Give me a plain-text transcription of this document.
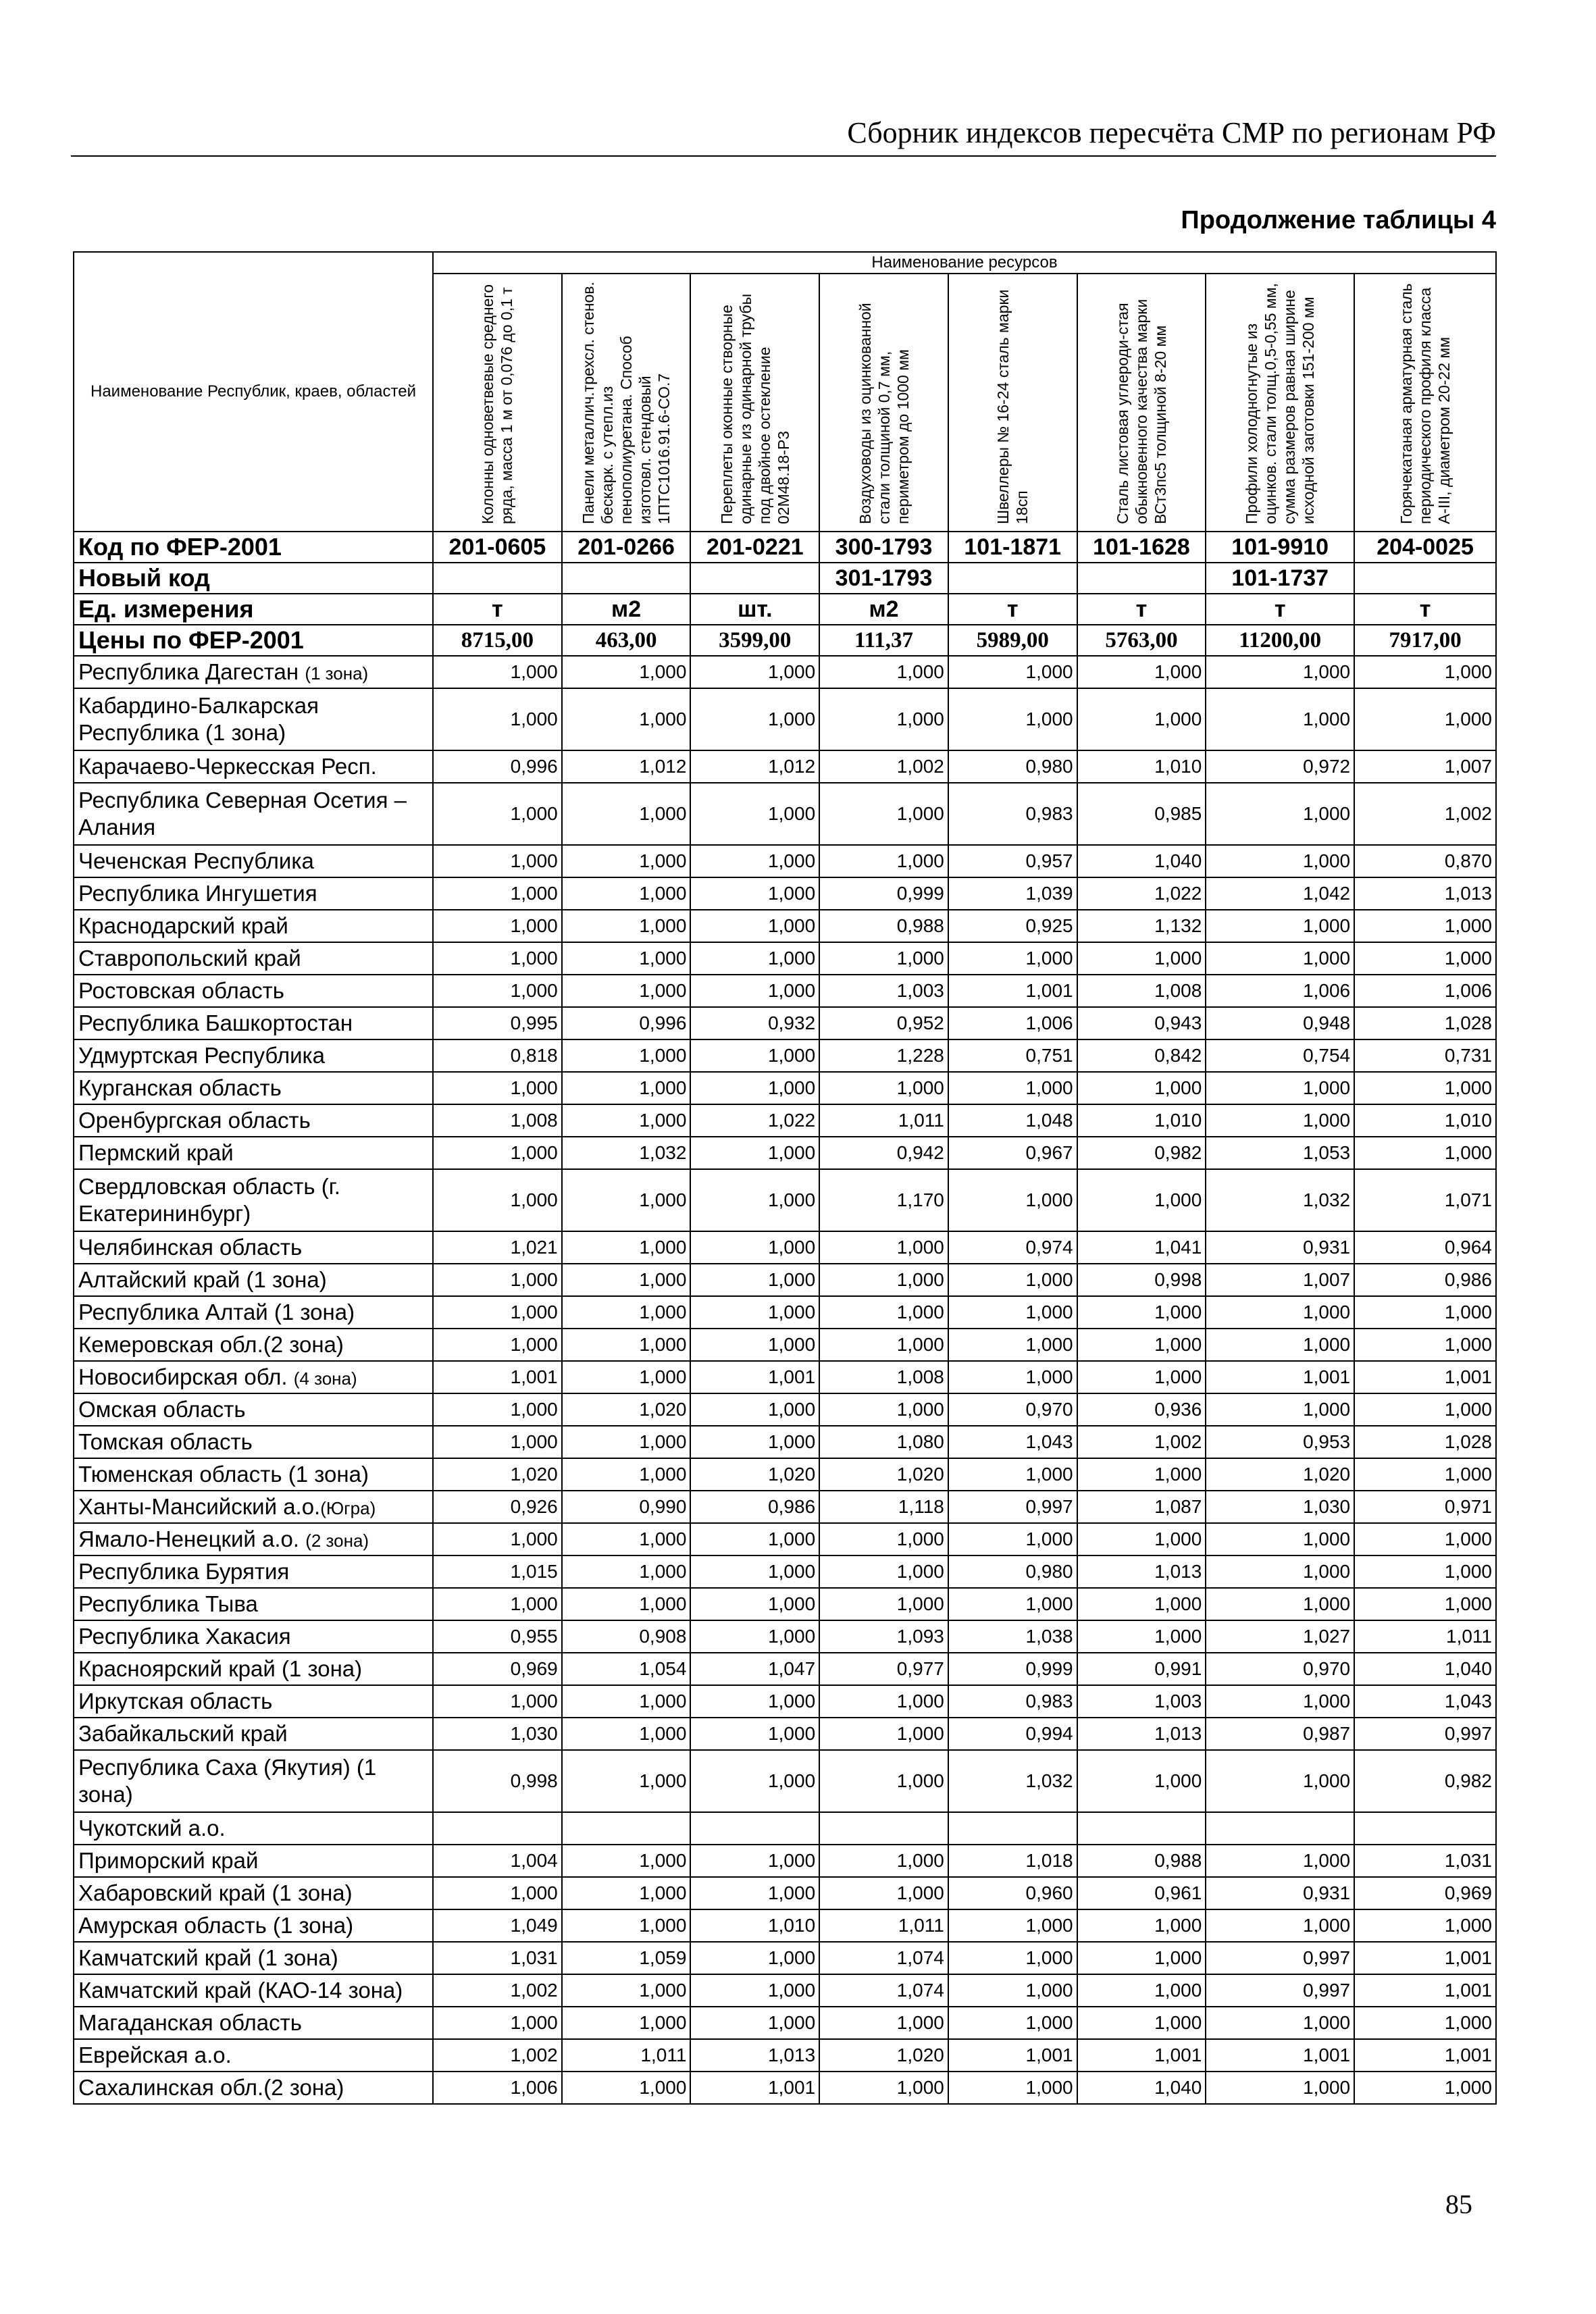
Сборник индексов пересчёта СМР по регионам РФ
Продолжение таблицы 4
Наименование Республик, краев, областей	Наименование ресурсов							

	Колонны одноветвевые среднего ряда, масса 1 м от 0,076 до 0,1 т	Панели металлич.трехсл. стенов. бескарк. с утепл.из пенополиуретана. Способ изготовл. стендовый 1ПТС1016.91.6-СО.7	Переплеты оконные створные одинарные из одинарной трубы под двойное остекление 02М48.18-Р3	Воздуховоды из оцинкованной стали толщиной 0,7 мм, периметром до 1000 мм	Швеллеры № 16-24 сталь марки 18сп	Сталь листовая углероди-стая обыкновенного качества марки ВСт3пс5 толщиной 8-20 мм	Профили холодногнутые из оцинков. стали толщ.0,5-0,55 мм, сумма размеров равная ширине исходной заготовки 151-200 мм	Горячекатаная арматурная сталь периодического профиля класса А-III, диаметром 20-22 мм

Код по ФЕР-2001	201-0605	201-0266	201-0221	300-1793	101-1871	101-1628	101-9910	204-0025
Новый код				301-1793			101-1737	
Ед. измерения	т	м2	шт.	м2	т	т	т	т
Цены по ФЕР-2001	8715,00	463,00	3599,00	111,37	5989,00	5763,00	11200,00	7917,00
Республика Дагестан (1 зона)	1,000	1,000	1,000	1,000	1,000	1,000	1,000	1,000
Кабардино-Балкарская Республика (1 зона)	1,000	1,000	1,000	1,000	1,000	1,000	1,000	1,000
Карачаево-Черкесская Респ.	0,996	1,012	1,012	1,002	0,980	1,010	0,972	1,007
Республика Северная Осетия – Алания	1,000	1,000	1,000	1,000	0,983	0,985	1,000	1,002
Чеченская Республика	1,000	1,000	1,000	1,000	0,957	1,040	1,000	0,870
Республика Ингушетия	1,000	1,000	1,000	0,999	1,039	1,022	1,042	1,013
Краснодарский край	1,000	1,000	1,000	0,988	0,925	1,132	1,000	1,000
Ставропольский край	1,000	1,000	1,000	1,000	1,000	1,000	1,000	1,000
Ростовская область	1,000	1,000	1,000	1,003	1,001	1,008	1,006	1,006
Республика Башкортостан	0,995	0,996	0,932	0,952	1,006	0,943	0,948	1,028
Удмуртская Республика	0,818	1,000	1,000	1,228	0,751	0,842	0,754	0,731
Курганская область	1,000	1,000	1,000	1,000	1,000	1,000	1,000	1,000
Оренбургская область	1,008	1,000	1,022	1,011	1,048	1,010	1,000	1,010
Пермский край	1,000	1,032	1,000	0,942	0,967	0,982	1,053	1,000
Свердловская область (г. Екатерининбург)	1,000	1,000	1,000	1,170	1,000	1,000	1,032	1,071
Челябинская область	1,021	1,000	1,000	1,000	0,974	1,041	0,931	0,964
Алтайский край (1 зона)	1,000	1,000	1,000	1,000	1,000	0,998	1,007	0,986
Республика Алтай (1 зона)	1,000	1,000	1,000	1,000	1,000	1,000	1,000	1,000
Кемеровская обл.(2 зона)	1,000	1,000	1,000	1,000	1,000	1,000	1,000	1,000
Новосибирская обл. (4 зона)	1,001	1,000	1,001	1,008	1,000	1,000	1,001	1,001
Омская область	1,000	1,020	1,000	1,000	0,970	0,936	1,000	1,000
Томская область	1,000	1,000	1,000	1,080	1,043	1,002	0,953	1,028
Тюменская область (1 зона)	1,020	1,000	1,020	1,020	1,000	1,000	1,020	1,000
Ханты-Мансийский а.о.(Югра)	0,926	0,990	0,986	1,118	0,997	1,087	1,030	0,971
Ямало-Ненецкий а.о. (2 зона)	1,000	1,000	1,000	1,000	1,000	1,000	1,000	1,000
Республика Бурятия	1,015	1,000	1,000	1,000	0,980	1,013	1,000	1,000
Республика Тыва	1,000	1,000	1,000	1,000	1,000	1,000	1,000	1,000
Республика Хакасия	0,955	0,908	1,000	1,093	1,038	1,000	1,027	1,011
Красноярский край (1 зона)	0,969	1,054	1,047	0,977	0,999	0,991	0,970	1,040
Иркутская область	1,000	1,000	1,000	1,000	0,983	1,003	1,000	1,043
Забайкальский край	1,030	1,000	1,000	1,000	0,994	1,013	0,987	0,997
Республика Саха (Якутия) (1 зона)	0,998	1,000	1,000	1,000	1,032	1,000	1,000	0,982
Чукотский а.о.								
Приморский край	1,004	1,000	1,000	1,000	1,018	0,988	1,000	1,031
Хабаровский край (1 зона)	1,000	1,000	1,000	1,000	0,960	0,961	0,931	0,969
Амурская область (1 зона)	1,049	1,000	1,010	1,011	1,000	1,000	1,000	1,000
Камчатский край (1 зона)	1,031	1,059	1,000	1,074	1,000	1,000	0,997	1,001
Камчатский край (КАО-14 зона)	1,002	1,000	1,000	1,074	1,000	1,000	0,997	1,001
Магаданская область	1,000	1,000	1,000	1,000	1,000	1,000	1,000	1,000
Еврейская а.о.	1,002	1,011	1,013	1,020	1,001	1,001	1,001	1,001
Сахалинская обл.(2 зона)	1,006	1,000	1,001	1,000	1,000	1,040	1,000	1,000
85
